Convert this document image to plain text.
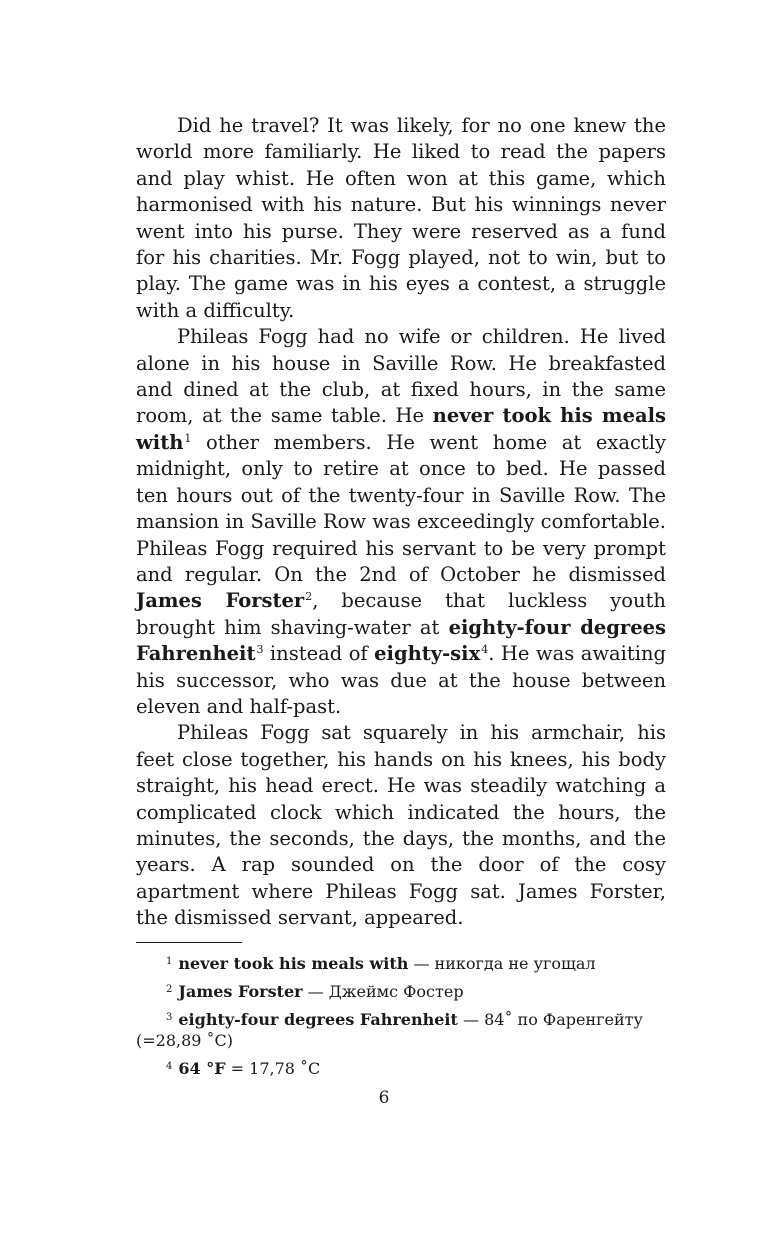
Did he travel? It was likely, for no one knew the world more familiarly. He liked to read the papers and play whist. He often won at this game, which harmonised with his nature. But his winnings never went into his purse. They were reserved as a fund for his charities. Mr. Fogg played, not to win, but to play. The game was in his eyes a contest, a struggle with a difficulty.

Phileas Fogg had no wife or children. He lived alone in his house in Saville Row. He breakfasted and dined at the club, at fixed hours, in the same room, at the same table. He never took his meals with$^1$ other members. He went home at exactly midnight, only to retire at once to bed. He passed ten hours out of the twenty-four in Saville Row. The mansion in Saville Row was exceedingly comfortable. Phileas Fogg required his servant to be very prompt and regular. On the 2nd of October he dismissed James Forster$^2$, because that luckless youth brought him shaving-water at eighty-four degrees Fahrenheit$^3$ instead of eighty-six$^4$. He was awaiting his successor, who was due at the house between eleven and half-past.

Phileas Fogg sat squarely in his armchair, his feet close together, his hands on his knees, his body straight, his head erect. He was steadily watching a complicated clock which indicated the hours, the minutes, the seconds, the days, the months, and the years. A rap sounded on the door of the cosy apartment where Phileas Fogg sat. James Forster, the dismissed servant, appeared.

$^1$ never took his meals with — никогда не угощал

$^2$ James Forster — Джеймс Фостер

$^3$ eighty-four degrees Fahrenheit — 84˚ по Фаренгейту (=28,89 ˚C)

$^4$ 64 °F = 17,78 ˚C

6
